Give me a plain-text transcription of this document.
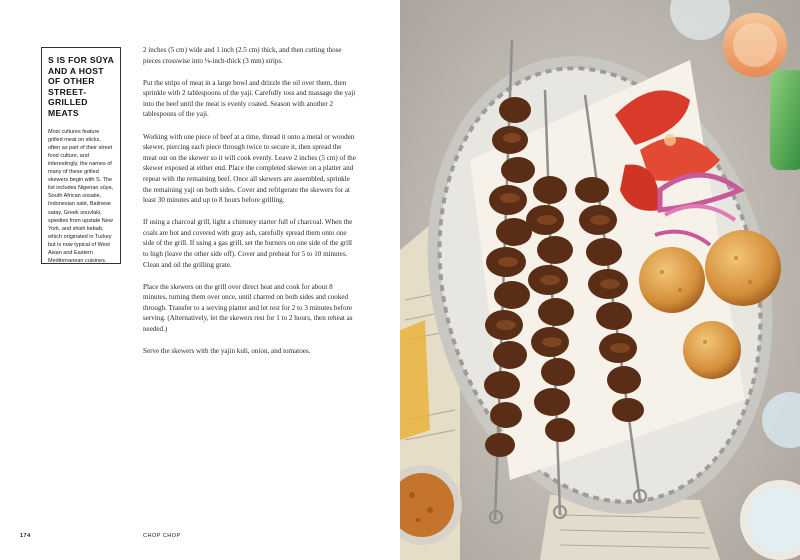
S IS FOR SŪYA AND A HOST OF OTHER STREET-GRILLED MEATS
Most cultures feature grilled meat on sticks, often as part of their street food culture, and interestingly, the names of many of these grilled skewers begin with S. The list includes Nigerian sūya, South African sosatie, Indonesian saté, Balinese satay, Greek souvlaki, spiedies from upstate New York, and shish kebab, which originated in Turkey but is now typical of West Asian and Eastern Mediterranean cuisines.

2 inches (5 cm) wide and 1 inch (2.5 cm) thick, and then cutting those pieces crosswise into ⅛-inch-thick (3 mm) strips.

Put the strips of meat in a large bowl and drizzle the oil over them, then sprinkle with 2 tablespoons of the yaji. Carefully toss and massage the yaji into the beef until the meat is evenly coated. Season with another 2 tablespoons of the yaji.

Working with one piece of beef at a time, thread it onto a metal or wooden skewer, piercing each piece through twice to secure it, then spread the meat out on the skewer so it will cook evenly. Leave 2 inches (5 cm) of the skewer exposed at either end. Place the completed skewer on a platter and repeat with the remaining beef. Once all skewers are assembled, sprinkle the remaining yaji on both sides. Cover and refrigerate the skewers for at least 30 minutes and up to 8 hours before grilling.

If using a charcoal grill, light a chimney starter full of charcoal. When the coals are hot and covered with gray ash, carefully spread them onto one side of the grill. If using a gas grill, set the burners on one side of the grill to high (leave the other side off). Cover and preheat for 5 to 10 minutes. Clean and oil the grilling grate.

Place the skewers on the grill over direct heat and cook for about 8 minutes, turning them over once, until charred on both sides and cooked through. Transfer to a serving platter and let rest for 2 to 3 minutes before serving. (Alternatively, let the skewers rest for 1 to 2 hours, then reheat as needed.)

Serve the skewers with the yajin kuli, onion, and tomatoes.

174	CHOP CHOP
